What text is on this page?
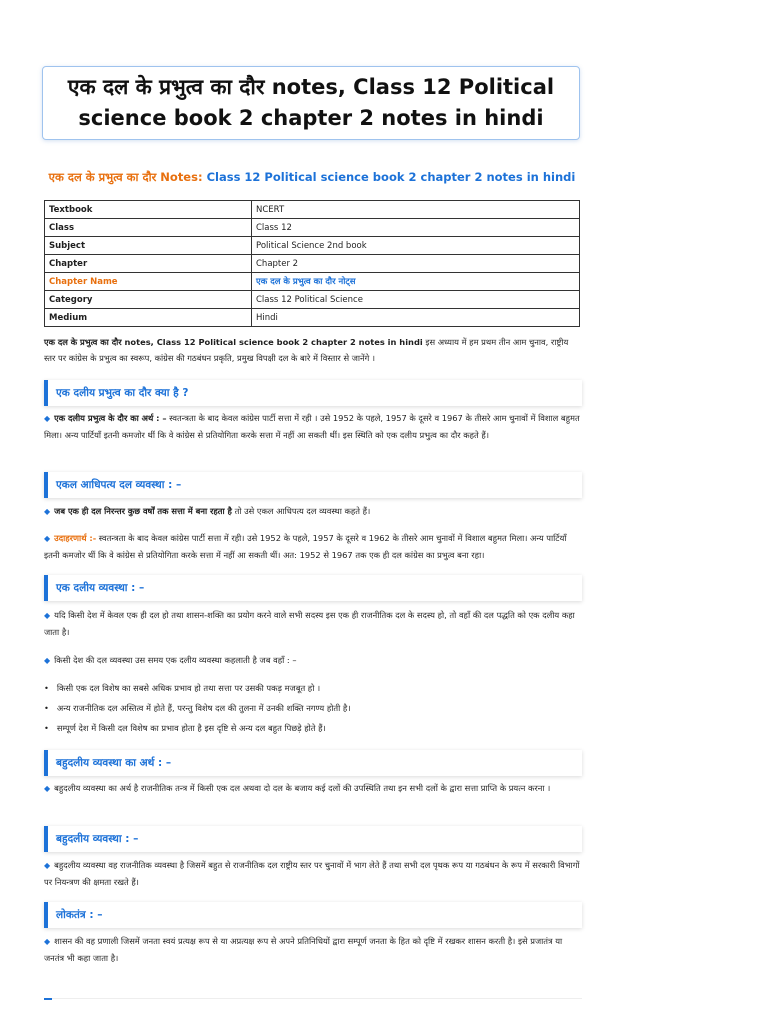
एक दल के प्रभुत्व का दौर notes, Class 12 Political
science book 2 chapter 2 notes in hindi
एक दल के प्रभुत्व का दौर Notes: Class 12 Political science book 2 chapter 2 notes in hindi
Textbook	NCERT
Class	Class 12
Subject	Political Science 2nd book
Chapter	Chapter 2
Chapter Name	एक दल के प्रभुत्व का दौर नोट्स
Category	Class 12 Political Science
Medium	Hindi
एक दल के प्रभुत्व का दौर notes, Class 12 Political science book 2 chapter 2 notes in hindi इस अध्याय में हम प्रथम तीन आम चुनाव, राष्ट्रीय स्तर पर कांग्रेस के प्रभुत्व का स्वरूप, कांग्रेस की गठबंधन प्रकृति, प्रमुख विपक्षी दल के बारे में विस्तार से जानेंगे ।
एक दलीय प्रभुत्व का दौर क्या है ?
◆ एक दलीय प्रभुत्व के दौर का अर्थ : – स्वतन्त्रता के बाद केवल कांग्रेस पार्टी सत्ता में रही । उसे 1952 के पहले, 1957 के दूसरे व 1967 के तीसरे आम चुनावों में विशाल बहुमत मिला। अन्य पार्टियाँ इतनी कमजोर थीं कि वे कांग्रेस से प्रतियोगिता करके सत्ता में नहीं आ सकती थीं। इस स्थिति को एक दलीय प्रभुत्व का दौर कहते हैं।
एकल आधिपत्य दल व्यवस्था : –
◆ जब एक ही दल निरन्तर कुछ वर्षों तक सत्ता में बना रहता है तो उसे एकल आधिपत्य दल व्यवस्था कहते हैं।
◆ उदाहरणार्थ :- स्वतन्त्रता के बाद केवल कांग्रेस पार्टी सत्ता में रही। उसे 1952 के पहले, 1957 के दूसरे व 1962 के तीसरे आम चुनावों में विशाल बहुमत मिला। अन्य पार्टियाँ इतनी कमजोर थीं कि वे कांग्रेस से प्रतियोगिता करके सत्ता में नहीं आ सकती थीं। अत: 1952 से 1967 तक एक ही दल कांग्रेस का प्रभुत्व बना रहा।
एक दलीय व्यवस्था : –
◆ यदि किसी देश में केवल एक ही दल हो तथा शासन-शक्ति का प्रयोग करने वाले सभी सदस्य इस एक ही राजनीतिक दल के सदस्य हो, तो वहाँ की दल पद्धति को एक दलीय कहा जाता है।
◆ किसी देश की दल व्यवस्था उस समय एक दलीय व्यवस्था कहलाती है जब वहाँ : –
• किसी एक दल विशेष का सबसे अधिक प्रभाव हो तथा सत्ता पर उसकी पकड़ मजबूत हो ।
• अन्य राजनीतिक दल अस्तित्व में होते हैं, परन्तु विशेष दल की तुलना में उनकी शक्ति नगण्य होती है।
• सम्पूर्ण देश में किसी दल विशेष का प्रभाव होता है इस दृष्टि से अन्य दल बहुत पिछड़े होते हैं।
बहुदलीय व्यवस्था का अर्थ : –
◆ बहुदलीय व्यवस्था का अर्थ है राजनीतिक तन्त्र में किसी एक दल अथवा दो दल के बजाय कई दलों की उपस्थिति तथा इन सभी दलों के द्वारा सत्ता प्राप्ति के प्रयत्न करना ।
बहुदलीय व्यवस्था : –
◆ बहुदलीय व्यवस्था वह राजनीतिक व्यवस्था है जिसमें बहुत से राजनीतिक दल राष्ट्रीय स्तर पर चुनावों में भाग लेते हैं तथा सभी दल पृथक रूप या गठबंधन के रूप में सरकारी विभागों पर नियन्त्रण की क्षमता रखते हैं।
लोकतंत्र : –
◆ शासन की वह प्रणाली जिसमें जनता स्वयं प्रत्यक्ष रूप से या अप्रत्यक्ष रूप से अपने प्रतिनिधियों द्वारा सम्पूर्ण जनता के हित को दृष्टि में रखकर शासन करती है। इसे प्रजातंत्र या जनतंत्र भी कहा जाता है।
